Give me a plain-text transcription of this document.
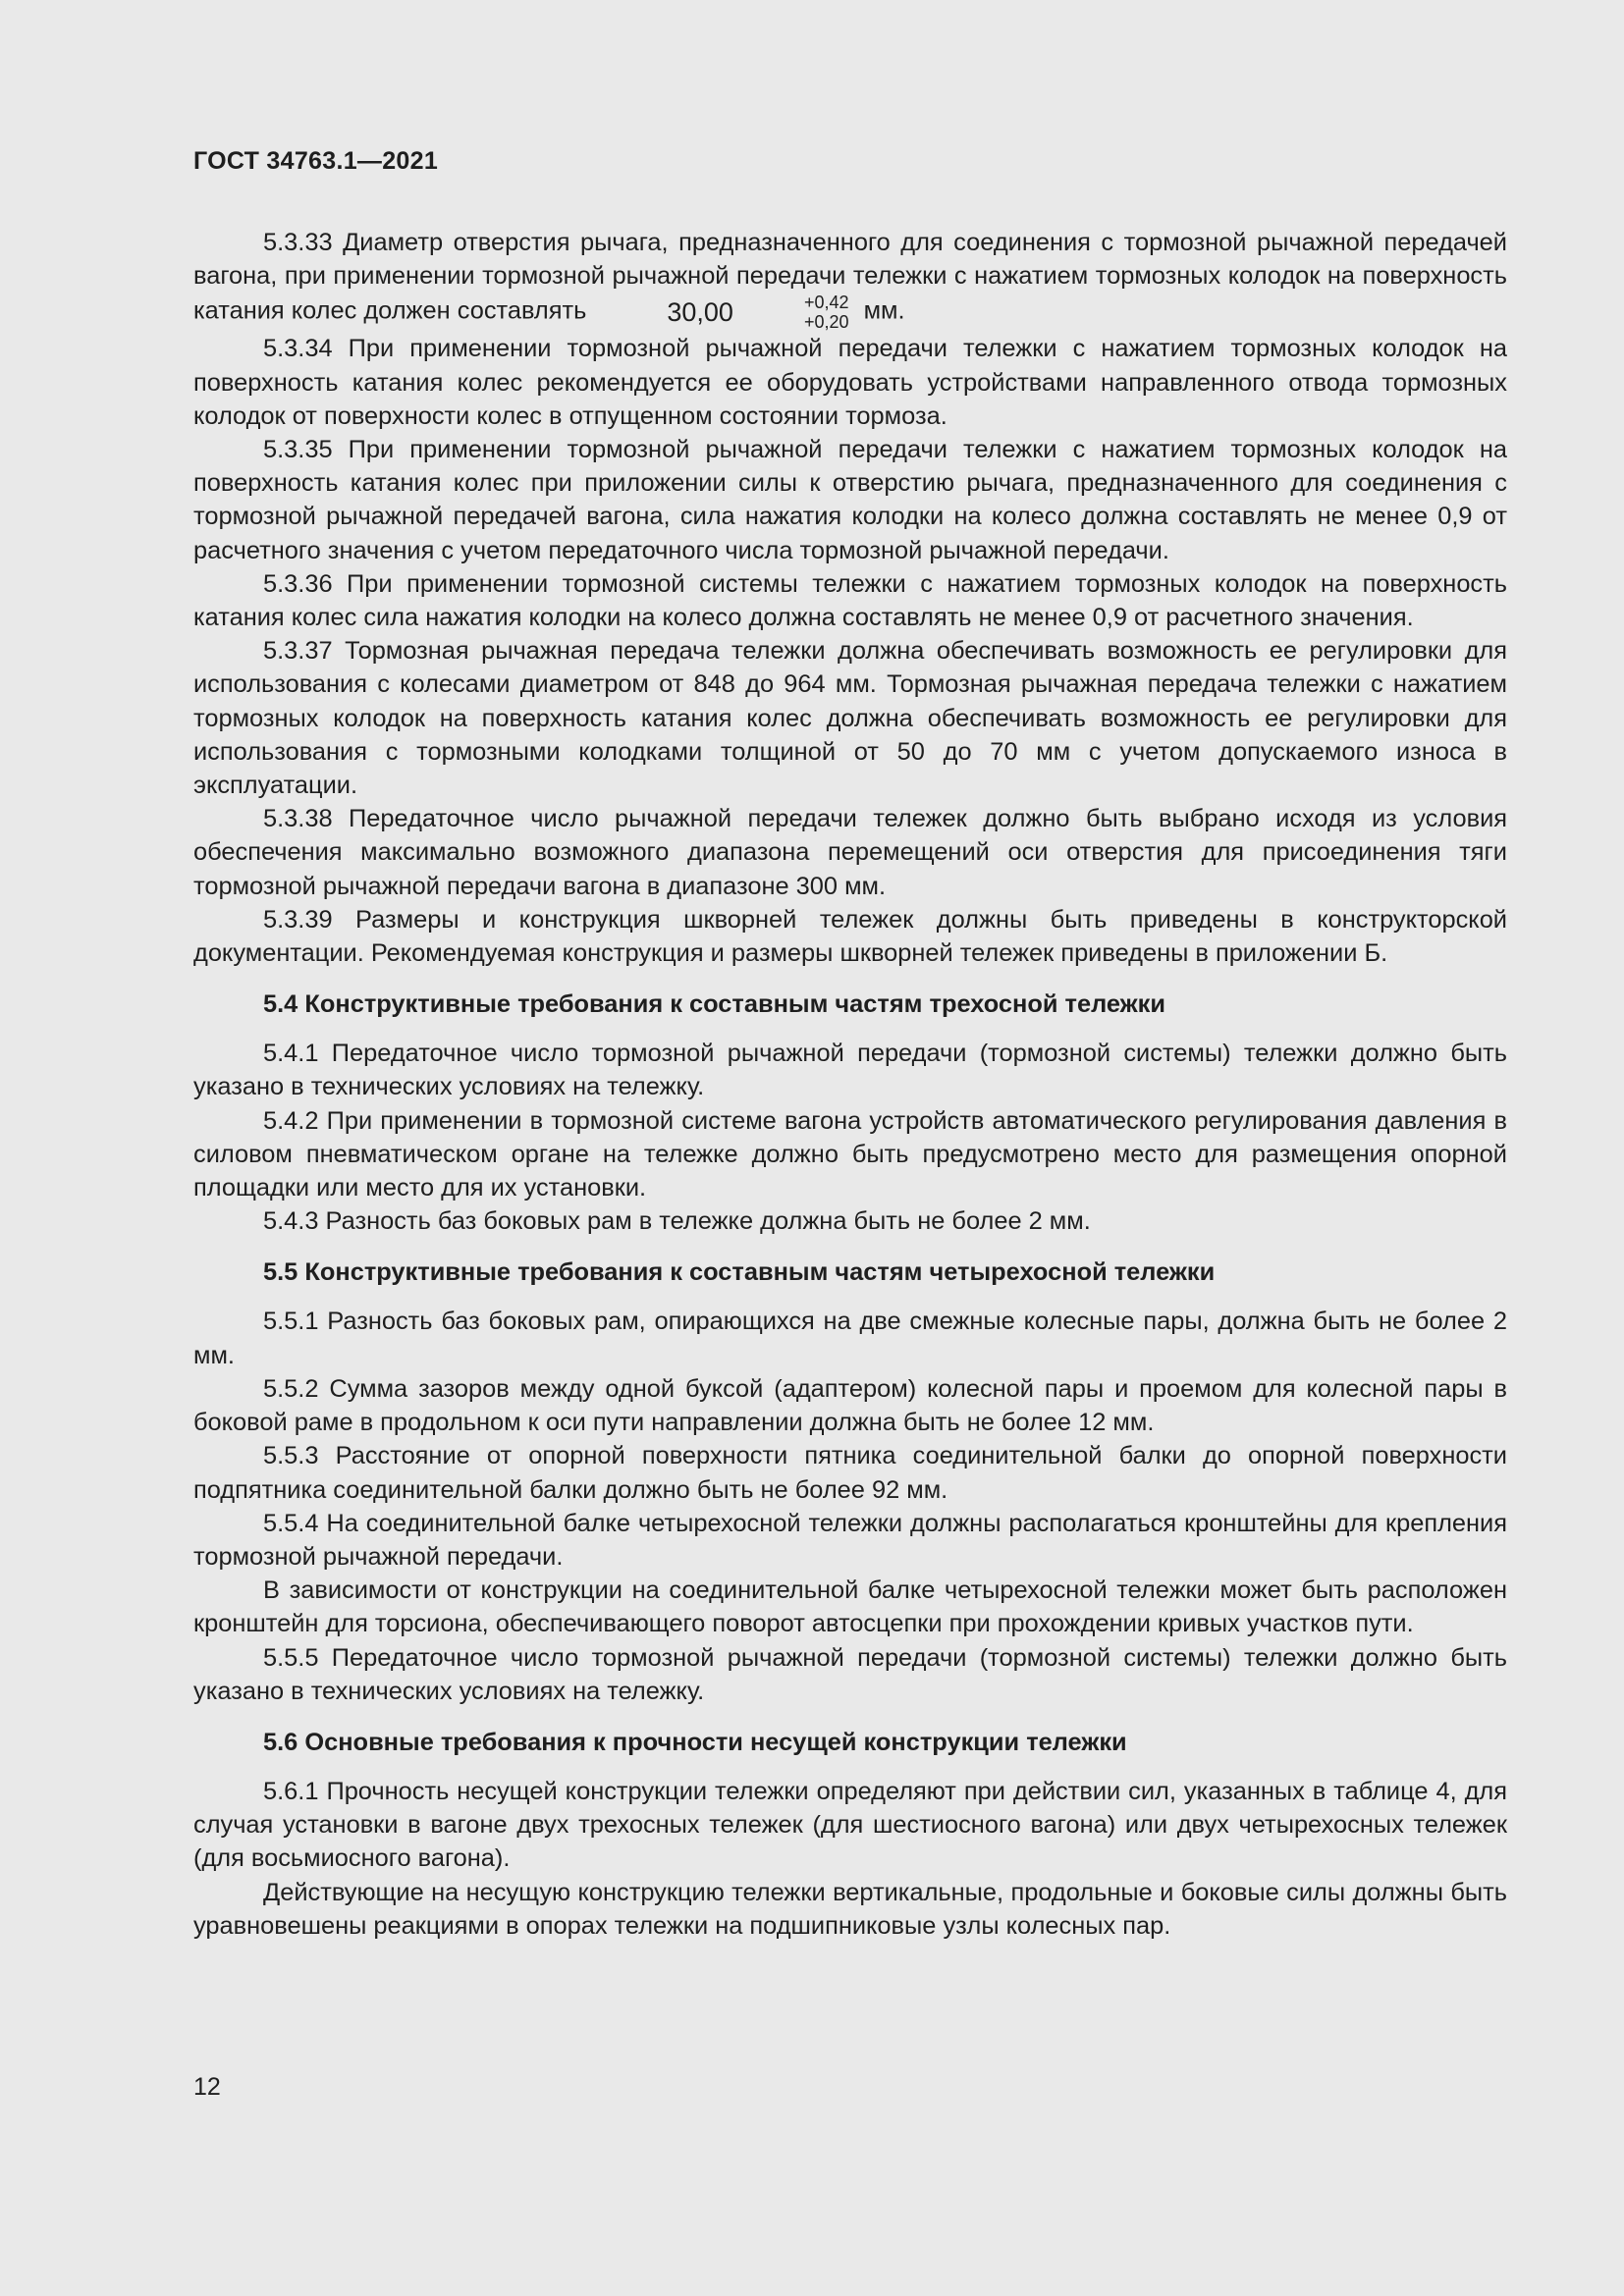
ГОСТ 34763.1—2021

5.3.33 Диаметр отверстия рычага, предназначенного для соединения с тормозной рычажной передачей вагона, при применении тормозной рычажной передачи тележки с нажатием тормозных колодок на поверхность катания колес должен составлять	30,00	+0,42
+0,20 мм.

5.3.34 При применении тормозной рычажной передачи тележки с нажатием тормозных колодок на поверхность катания колес рекомендуется ее оборудовать устройствами направленного отвода тормозных колодок от поверхности колес в отпущенном состоянии тормоза.

5.3.35 При применении тормозной рычажной передачи тележки с нажатием тормозных колодок на поверхность катания колес при приложении силы к отверстию рычага, предназначенного для соединения с тормозной рычажной передачей вагона, сила нажатия колодки на колесо должна составлять не менее 0,9 от расчетного значения с учетом передаточного числа тормозной рычажной передачи.

5.3.36 При применении тормозной системы тележки с нажатием тормозных колодок на поверхность катания колес сила нажатия колодки на колесо должна составлять не менее 0,9 от расчетного значения.

5.3.37 Тормозная рычажная передача тележки должна обеспечивать возможность ее регулировки для использования с колесами диаметром от 848 до 964 мм. Тормозная рычажная передача тележки с нажатием тормозных колодок на поверхность катания колес должна обеспечивать возможность ее регулировки для использования с тормозными колодками толщиной от 50 до 70 мм с учетом допускаемого износа в эксплуатации.

5.3.38 Передаточное число рычажной передачи тележек должно быть выбрано исходя из условия обеспечения максимально возможного диапазона перемещений оси отверстия для присоединения тяги тормозной рычажной передачи вагона в диапазоне 300 мм.

5.3.39 Размеры и конструкция шкворней тележек должны быть приведены в конструкторской документации. Рекомендуемая конструкция и размеры шкворней тележек приведены в приложении Б.

5.4 Конструктивные требования к составным частям трехосной тележки

5.4.1 Передаточное число тормозной рычажной передачи (тормозной системы) тележки должно быть указано в технических условиях на тележку.

5.4.2 При применении в тормозной системе вагона устройств автоматического регулирования давления в силовом пневматическом органе на тележке должно быть предусмотрено место для размещения опорной площадки или место для их установки.

5.4.3 Разность баз боковых рам в тележке должна быть не более 2 мм.

5.5 Конструктивные требования к составным частям четырехосной тележки

5.5.1 Разность баз боковых рам, опирающихся на две смежные колесные пары, должна быть не более 2 мм.

5.5.2 Сумма зазоров между одной буксой (адаптером) колесной пары и проемом для колесной пары в боковой раме в продольном к оси пути направлении должна быть не более 12 мм.

5.5.3 Расстояние от опорной поверхности пятника соединительной балки до опорной поверхности подпятника соединительной балки должно быть не более 92 мм.

5.5.4 На соединительной балке четырехосной тележки должны располагаться кронштейны для крепления тормозной рычажной передачи.

В зависимости от конструкции на соединительной балке четырехосной тележки может быть расположен кронштейн для торсиона, обеспечивающего поворот автосцепки при прохождении кривых участков пути.

5.5.5 Передаточное число тормозной рычажной передачи (тормозной системы) тележки должно быть указано в технических условиях на тележку.

5.6 Основные требования к прочности несущей конструкции тележки

5.6.1 Прочность несущей конструкции тележки определяют при действии сил, указанных в таблице 4, для случая установки в вагоне двух трехосных тележек (для шестиосного вагона) или двух четырехосных тележек (для восьмиосного вагона).

Действующие на несущую конструкцию тележки вертикальные, продольные и боковые силы должны быть уравновешены реакциями в опорах тележки на подшипниковые узлы колесных пар.

12
